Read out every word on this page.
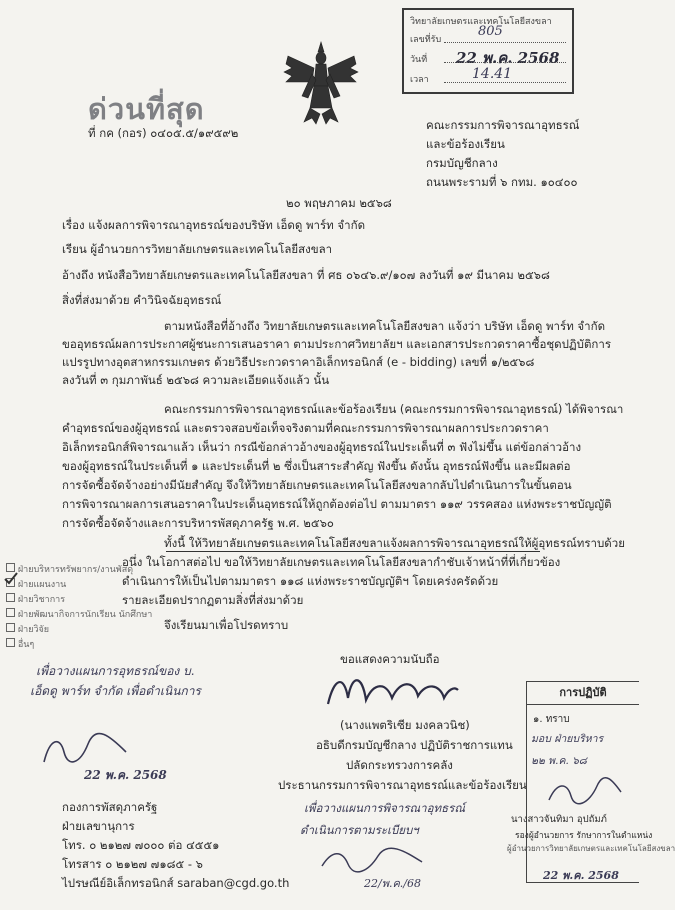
วิทยาลัยเกษตรและเทคโนโลยีสงขลา
เลขที่รับ
805
วันที่ 22 พ.ค. 2568
เวลา	14.41
ด่วนที่สุด
ที่ กค (กอร) ๐๔๐๕.๕/๑๙๕๙๒
คณะกรรมการพิจารณาอุทธรณ์
และข้อร้องเรียน
กรมบัญชีกลาง
ถนนพระรามที่ ๖ กทม. ๑๐๔๐๐
๒๐ พฤษภาคม ๒๕๖๘
เรื่อง แจ้งผลการพิจารณาอุทธรณ์ของบริษัท เอ็ดดู พาร์ท จำกัด
เรียน ผู้อำนวยการวิทยาลัยเกษตรและเทคโนโลยีสงขลา
อ้างถึง หนังสือวิทยาลัยเกษตรและเทคโนโลยีสงขลา ที่ ศธ ๐๖๔๖.๙/๑๐๗ ลงวันที่ ๑๙ มีนาคม ๒๕๖๘
สิ่งที่ส่งมาด้วย คำวินิจฉัยอุทธรณ์
ตามหนังสือที่อ้างถึง วิทยาลัยเกษตรและเทคโนโลยีสงขลา แจ้งว่า บริษัท เอ็ดดู พาร์ท จำกัด
ขออุทธรณ์ผลการประกาศผู้ชนะการเสนอราคา ตามประกาศวิทยาลัยฯ และเอกสารประกวดราคาซื้อชุดปฏิบัติการ
แปรรูปทางอุตสาหกรรมเกษตร ด้วยวิธีประกวดราคาอิเล็กทรอนิกส์ (e - bidding) เลขที่ ๑/๒๕๖๘
ลงวันที่ ๓ กุมภาพันธ์ ๒๕๖๘ ความละเอียดแจ้งแล้ว นั้น
คณะกรรมการพิจารณาอุทธรณ์และข้อร้องเรียน (คณะกรรมการพิจารณาอุทธรณ์) ได้พิจารณา
คำอุทธรณ์ของผู้อุทธรณ์ และตรวจสอบข้อเท็จจริงตามที่คณะกรรมการพิจารณาผลการประกวดราคา
อิเล็กทรอนิกส์พิจารณาแล้ว เห็นว่า กรณีข้อกล่าวอ้างของผู้อุทธรณ์ในประเด็นที่ ๓ ฟังไม่ขึ้น แต่ข้อกล่าวอ้าง
ของผู้อุทธรณ์ในประเด็นที่ ๑ และประเด็นที่ ๒ ซึ่งเป็นสาระสำคัญ ฟังขึ้น ดังนั้น อุทธรณ์ฟังขึ้น และมีผลต่อ
การจัดซื้อจัดจ้างอย่างมีนัยสำคัญ จึงให้วิทยาลัยเกษตรและเทคโนโลยีสงขลากลับไปดำเนินการในขั้นตอน
การพิจารณาผลการเสนอราคาในประเด็นอุทธรณ์ให้ถูกต้องต่อไป ตามมาตรา ๑๑๙ วรรคสอง แห่งพระราชบัญญัติ
การจัดซื้อจัดจ้างและการบริหารพัสดุภาครัฐ พ.ศ. ๒๕๖๐
ทั้งนี้ ให้วิทยาลัยเกษตรและเทคโนโลยีสงขลาแจ้งผลการพิจารณาอุทธรณ์ให้ผู้อุทธรณ์ทราบด้วย
อนึ่ง ในโอกาสต่อไป ขอให้วิทยาลัยเกษตรและเทคโนโลยีสงขลากำชับเจ้าหน้าที่ที่เกี่ยวข้อง
ดำเนินการให้เป็นไปตามมาตรา ๑๑๘ แห่งพระราชบัญญัติฯ โดยเคร่งครัดด้วย
รายละเอียดปรากฏตามสิ่งที่ส่งมาด้วย
จึงเรียนมาเพื่อโปรดทราบ
ฝ่ายบริหารทรัพยากร/งานพัสดุ
ฝ่ายแผนงาน
ฝ่ายวิชาการ
ฝ่ายพัฒนากิจการนักเรียน นักศึกษา
ฝ่ายวิจัย
อื่นๆ
เพื่อวางแผนการอุทธรณ์ของ บ.
เอ็ดดู พาร์ท จำกัด เพื่อดำเนินการ
22 พ.ค. 2568
ขอแสดงความนับถือ
(นางแพตริเซีย มงคลวนิช)
อธิบดีกรมบัญชีกลาง ปฏิบัติราชการแทน
ปลัดกระทรวงการคลัง
ประธานกรรมการพิจารณาอุทธรณ์และข้อร้องเรียน
เพื่อวางแผนการพิจารณาอุทธรณ์
ดำเนินการตามระเบียบฯ
22/พ.ค./68
กองการพัสดุภาครัฐ
ฝ่ายเลขานุการ
โทร. ๐ ๒๑๒๗ ๗๐๐๐ ต่อ ๔๕๕๑
โทรสาร ๐ ๒๑๒๗ ๗๑๘๕ - ๖
ไปรษณีย์อิเล็กทรอนิกส์ saraban@cgd.go.th
การปฏิบัติ
๑. ทราบ
มอบ ฝ่ายบริหาร
๒๒ พ.ค. ๖๘
นางสาวจันทิมา อุปถัมภ์
รองผู้อำนวยการ รักษาการในตำแหน่ง
ผู้อำนวยการวิทยาลัยเกษตรและเทคโนโลยีสงขลา
22 พ.ค. 2568
